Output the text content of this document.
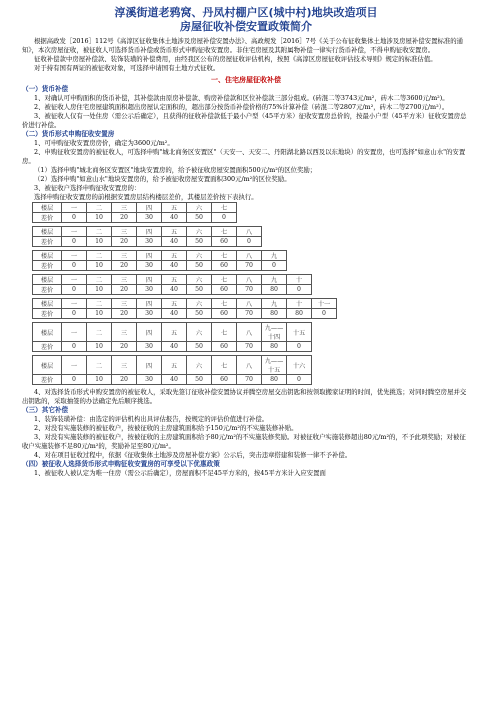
淳溪街道老鸦窝、丹凤村棚户区(城中村)地块改造项目
房屋征收补偿安置政策简介

根据高政发［2016］112号《高淳区征收集体土地涉及房屋补偿安置办法》、高政规发［2016］7号《关于公布征收集体土地涉及房屋补偿安置标准的通知》，本次房屋征收，被征收人可选择货币补偿或货币形式申购征收安置房。非住宅房屋及其附属物补偿一律实行货币补偿，不得申购征收安置房。

征收补偿款中房屋补偿款、装饰装璜的补偿费用，由经我区公布的房屋征收评估机构，按照《高淳区房屋征收评估技术导则》规定的标准估值。

对于持有国有两证的被征收对象，可选择申请国有土地方式征收。

一、住宅房屋征收补偿

（一）货币补偿

1、对确认可申购面积的货币补偿，其补偿款由原房补偿款、购房补偿款和区位补偿款三部分组成。(砖混二等3743元/m²，砖木二等3600元/m²)。

2、被征收人房住宅房屋建筑面积超出房屋认定面积的，超出部分按货币补偿价格的75%计算补偿（砖混二等2807元/m²，砖木二等2700元/m²）。

3、被征收人仅有一处住房（需公示后确定），且获得的征收补偿款低于最小户型（45平方米）征收安置房总价的，按最小户型（45平方米）征收安置房总价进行补偿。

（二）货币形式申购征收安置房

1、可申购征收安置房房价，确定为3600元/m²。

2、申购征收安置房的被征收人，可选择申购"城北商务区安置区"（天安一、天安二、丹阳湖北路以西及以东地块）的安置房，也可选择"如意山水"的安置房。

（1）选择申购"城北商务区安置区"地块安置房的，给予被征收房屋安置面积500元/m²的区位奖励；

（2）选择申购"如意山水"地块安置房的，给予被征收房屋安置面积300元/m²的区位奖励。

3、被征收户选择申购征收安置房的：

选择申购征收安置房的前根据安置房层结构楼层差价，其楼层差价按下表执行。

楼层	一	二	三	四	五	六	七
差价	0	10	20	30	40	50	0
楼层	一	二	三	四	五	六	七	八
差价	0	10	20	30	40	50	60	0
楼层	一	二	三	四	五	六	七	八	九
差价	0	10	20	30	40	50	60	70	0
楼层	一	二	三	四	五	六	七	八	九	十
差价	0	10	20	30	40	50	60	70	80	0
楼层	一	二	三	四	五	六	七	八	九	十	十一
差价	0	10	20	30	40	50	60	70	80	80	0
楼层	一	二	三	四	五	六	七	八	九——十四	十五
差价	0	10	20	30	40	50	60	70	80	0
楼层	一	二	三	四	五	六	七	八	九——十五	十六
差价	0	10	20	30	40	50	60	70	80	0

4、对选择货币形式申购安置房的被征收人，采取先签订征收补偿安置协议并腾空房屋交出钥匙和按领取搬家证明的时间，优先挑选；对同时腾空房屋并交出钥匙的，采取抽签的办法确定先后顺序挑选。

（三）其它补偿

1、装饰装璜补偿：由选定的评估机构出具评估报告，按规定的评估价值进行补偿。

2、对没有实施装修的被征收户，按被征收的主房建筑面积给予150元/m²的不实施装修补贴。

3、对没有实施装修的被征收户，按被征收的主房建筑面积给予80元/m²的不实施装修奖励。对被征收户实施装修超出80元/m²的，不予此项奖励；对被征收户实施装修不足80元/m²的，奖励补足至80元/m²。

4、对在项目征收过程中，依据《征收集体土地涉及房屋补偿方案》公示后，突击违章搭建和装修一律不予补偿。

（四）被征收人选择货币形式申购征收安置房的可享受以下优惠政策

1、被征收人被认定为唯一住房（需公示后确定），房屋面积不足45平方米的，按45平方米计入应安置面
